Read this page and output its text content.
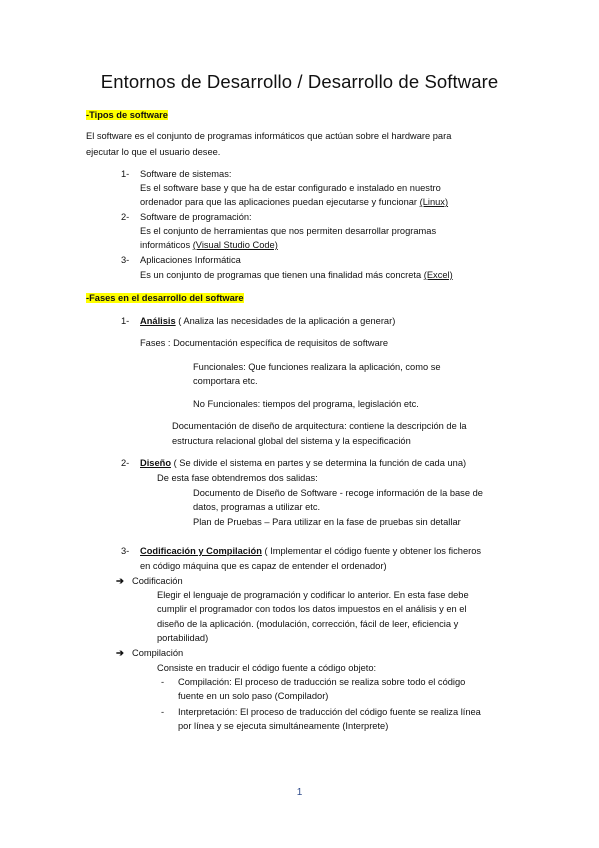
Entornos de Desarrollo / Desarrollo de Software
-Tipos de software
El software es el conjunto de programas informáticos que actúan sobre el hardware para
ejecutar lo que el usuario desee.
1- Software de sistemas:
Es el software base y que ha de estar configurado e instalado en nuestro
ordenador para que las aplicaciones puedan ejecutarse y funcionar (Linux)
2- Software de programación:
Es el conjunto de herramientas que nos permiten desarrollar programas
informáticos (Visual Studio Code)
3- Aplicaciones Informática
Es un conjunto de programas que tienen una finalidad más concreta (Excel)
-Fases en el desarrollo del software
1- Análisis ( Analiza las necesidades de la aplicación a generar)
Fases : Documentación específica de requisitos de software
Funcionales: Que funciones realizara la aplicación, como se
comportara etc.
No Funcionales: tiempos del programa, legislación etc.
Documentación de diseño de arquitectura: contiene la descripción de la
estructura relacional global del sistema y la especificación
2- Diseño ( Se divide el sistema en partes y se determina la función de cada una)
De esta fase obtendremos dos salidas:
Documento de Diseño de Software - recoge información de la base de
datos, programas a utilizar etc.
Plan de Pruebas – Para utilizar en la fase de pruebas sin detallar
3- Codificación y Compilación ( Implementar el código fuente y obtener los ficheros
en código máquina que es capaz de entender el ordenador)
➔ Codificación
Elegir el lenguaje de programación y codificar lo anterior. En esta fase debe
cumplir el programador con todos los datos impuestos en el análisis y en el
diseño de la aplicación. (modulación, corrección, fácil de leer, eficiencia y
portabilidad)
➔ Compilación
Consiste en traducir el código fuente a código objeto:
- Compilación: El proceso de traducción se realiza sobre todo el código
fuente en un solo paso (Compilador)
- Interpretación: El proceso de traducción del código fuente se realiza línea
por línea y se ejecuta simultáneamente (Interprete)
1
